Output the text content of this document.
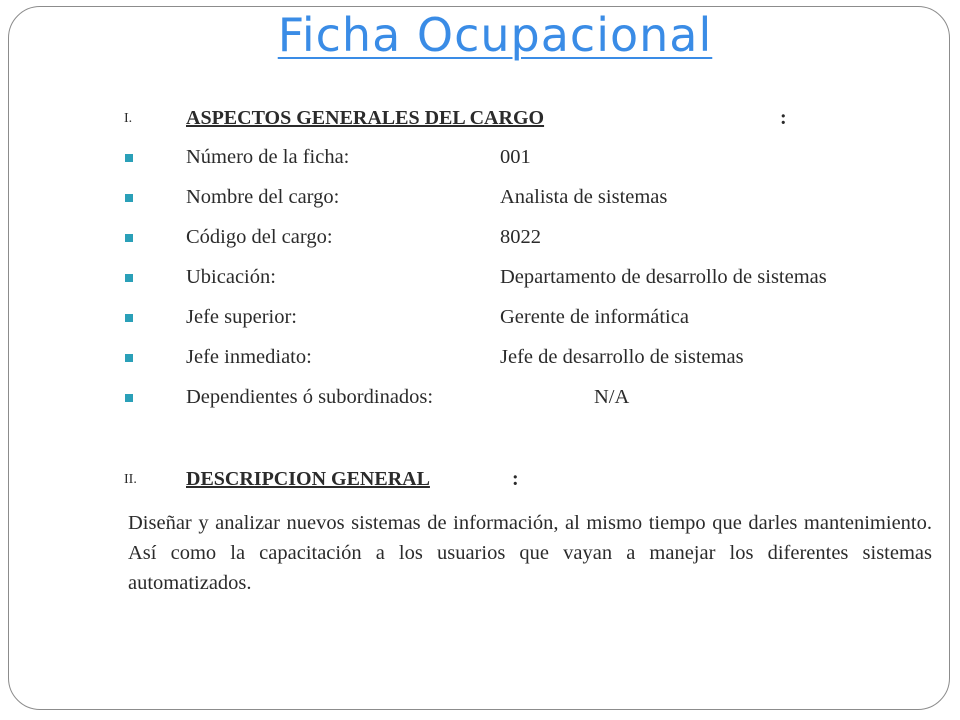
Ficha Ocupacional
I.	ASPECTOS GENERALES DEL CARGO	:
Número de la ficha:	001
Nombre del cargo:	Analista de sistemas
Código del cargo:	8022
Ubicación:	Departamento de desarrollo de sistemas
Jefe superior:	Gerente de informática
Jefe inmediato:	Jefe de desarrollo de sistemas
Dependientes ó subordinados:	N/A
II. DESCRIPCION GENERAL	:
Diseñar y analizar nuevos sistemas de información, al mismo tiempo que darles mantenimiento. Así como la capacitación a los usuarios que vayan a manejar los diferentes sistemas automatizados.
